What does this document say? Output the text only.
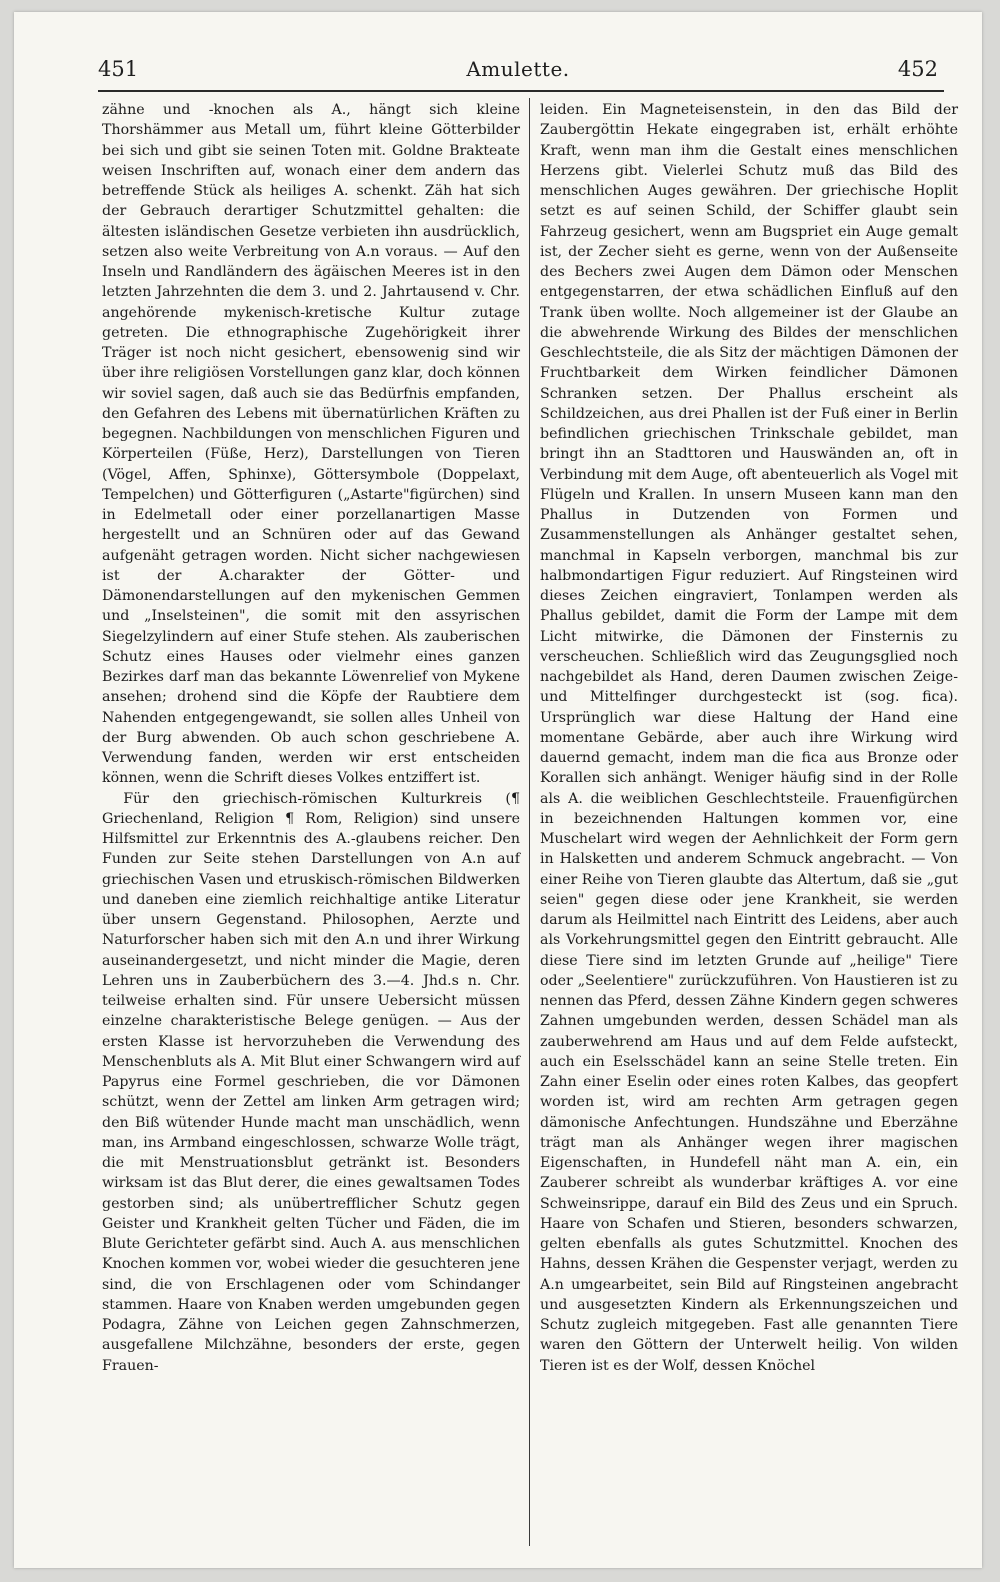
451	Amulette.	452

zähne und -knochen als A., hängt sich kleine Thorshämmer aus Metall um, führt kleine Götterbilder bei sich und gibt sie seinen Toten mit. Goldne Brakteate weisen Inschriften auf, wonach einer dem andern das betreffende Stück als heiliges A. schenkt. Zäh hat sich der Gebrauch derartiger Schutzmittel gehalten: die ältesten isländischen Gesetze verbieten ihn ausdrücklich, setzen also weite Verbreitung von A.n voraus. — Auf den Inseln und Randländern des ägäischen Meeres ist in den letzten Jahrzehnten die dem 3. und 2. Jahrtausend v. Chr. angehörende mykenisch-kretische Kultur zutage getreten. Die ethnographische Zugehörigkeit ihrer Träger ist noch nicht gesichert, ebensowenig sind wir über ihre religiösen Vorstellungen ganz klar, doch können wir soviel sagen, daß auch sie das Bedürfnis empfanden, den Gefahren des Lebens mit übernatürlichen Kräften zu begegnen. Nachbildungen von menschlichen Figuren und Körperteilen (Füße, Herz), Darstellungen von Tieren (Vögel, Affen, Sphinxe), Göttersymbole (Doppelaxt, Tempelchen) und Götterfiguren („Astarte"figürchen) sind in Edelmetall oder einer porzellanartigen Masse hergestellt und an Schnüren oder auf das Gewand aufgenäht getragen worden. Nicht sicher nachgewiesen ist der A.charakter der Götter- und Dämonendarstellungen auf den mykenischen Gemmen und „Inselsteinen", die somit mit den assyrischen Siegelzylindern auf einer Stufe stehen. Als zauberischen Schutz eines Hauses oder vielmehr eines ganzen Bezirkes darf man das bekannte Löwenrelief von Mykene ansehen; drohend sind die Köpfe der Raubtiere dem Nahenden entgegengewandt, sie sollen alles Unheil von der Burg abwenden. Ob auch schon geschriebene A. Verwendung fanden, werden wir erst entscheiden können, wenn die Schrift dieses Volkes entziffert ist.

Für den griechisch-römischen Kulturkreis (¶ Griechenland, Religion ¶ Rom, Religion) sind unsere Hilfsmittel zur Erkenntnis des A.-glaubens reicher. Den Funden zur Seite stehen Darstellungen von A.n auf griechischen Vasen und etruskisch-römischen Bildwerken und daneben eine ziemlich reichhaltige antike Literatur über unsern Gegenstand. Philosophen, Aerzte und Naturforscher haben sich mit den A.n und ihrer Wirkung auseinandergesetzt, und nicht minder die Magie, deren Lehren uns in Zauberbüchern des 3.—4. Jhd.s n. Chr. teilweise erhalten sind. Für unsere Uebersicht müssen einzelne charakteristische Belege genügen. — Aus der ersten Klasse ist hervorzuheben die Verwendung des Menschenbluts als A. Mit Blut einer Schwangern wird auf Papyrus eine Formel geschrieben, die vor Dämonen schützt, wenn der Zettel am linken Arm getragen wird; den Biß wütender Hunde macht man unschädlich, wenn man, ins Armband eingeschlossen, schwarze Wolle trägt, die mit Menstruationsblut getränkt ist. Besonders wirksam ist das Blut derer, die eines gewaltsamen Todes gestorben sind; als unübertrefflicher Schutz gegen Geister und Krankheit gelten Tücher und Fäden, die im Blute Gerichteter gefärbt sind. Auch A. aus menschlichen Knochen kommen vor, wobei wieder die gesuchteren jene sind, die von Erschlagenen oder vom Schindanger stammen. Haare von Knaben werden umgebunden gegen Podagra, Zähne von Leichen gegen Zahnschmerzen, ausgefallene Milchzähne, besonders der erste, gegen Frauen-

leiden. Ein Magneteisenstein, in den das Bild der Zaubergöttin Hekate eingegraben ist, erhält erhöhte Kraft, wenn man ihm die Gestalt eines menschlichen Herzens gibt. Vielerlei Schutz muß das Bild des menschlichen Auges gewähren. Der griechische Hoplit setzt es auf seinen Schild, der Schiffer glaubt sein Fahrzeug gesichert, wenn am Bugspriet ein Auge gemalt ist, der Zecher sieht es gerne, wenn von der Außenseite des Bechers zwei Augen dem Dämon oder Menschen entgegenstarren, der etwa schädlichen Einfluß auf den Trank üben wollte. Noch allgemeiner ist der Glaube an die abwehrende Wirkung des Bildes der menschlichen Geschlechtsteile, die als Sitz der mächtigen Dämonen der Fruchtbarkeit dem Wirken feindlicher Dämonen Schranken setzen. Der Phallus erscheint als Schildzeichen, aus drei Phallen ist der Fuß einer in Berlin befindlichen griechischen Trinkschale gebildet, man bringt ihn an Stadttoren und Hauswänden an, oft in Verbindung mit dem Auge, oft abenteuerlich als Vogel mit Flügeln und Krallen. In unsern Museen kann man den Phallus in Dutzenden von Formen und Zusammenstellungen als Anhänger gestaltet sehen, manchmal in Kapseln verborgen, manchmal bis zur halbmondartigen Figur reduziert. Auf Ringsteinen wird dieses Zeichen eingraviert, Tonlampen werden als Phallus gebildet, damit die Form der Lampe mit dem Licht mitwirke, die Dämonen der Finsternis zu verscheuchen. Schließlich wird das Zeugungsglied noch nachgebildet als Hand, deren Daumen zwischen Zeige- und Mittelfinger durchgesteckt ist (sog. fica). Ursprünglich war diese Haltung der Hand eine momentane Gebärde, aber auch ihre Wirkung wird dauernd gemacht, indem man die fica aus Bronze oder Korallen sich anhängt. Weniger häufig sind in der Rolle als A. die weiblichen Geschlechtsteile. Frauenfigürchen in bezeichnenden Haltungen kommen vor, eine Muschelart wird wegen der Aehnlichkeit der Form gern in Halsketten und anderem Schmuck angebracht. — Von einer Reihe von Tieren glaubte das Altertum, daß sie „gut seien" gegen diese oder jene Krankheit, sie werden darum als Heilmittel nach Eintritt des Leidens, aber auch als Vorkehrungsmittel gegen den Eintritt gebraucht. Alle diese Tiere sind im letzten Grunde auf „heilige" Tiere oder „Seelentiere" zurückzuführen. Von Haustieren ist zu nennen das Pferd, dessen Zähne Kindern gegen schweres Zahnen umgebunden werden, dessen Schädel man als zauberwehrend am Haus und auf dem Felde aufsteckt, auch ein Eselsschädel kann an seine Stelle treten. Ein Zahn einer Eselin oder eines roten Kalbes, das geopfert worden ist, wird am rechten Arm getragen gegen dämonische Anfechtungen. Hundszähne und Eberzähne trägt man als Anhänger wegen ihrer magischen Eigenschaften, in Hundefell näht man A. ein, ein Zauberer schreibt als wunderbar kräftiges A. vor eine Schweinsrippe, darauf ein Bild des Zeus und ein Spruch. Haare von Schafen und Stieren, besonders schwarzen, gelten ebenfalls als gutes Schutzmittel. Knochen des Hahns, dessen Krähen die Gespenster verjagt, werden zu A.n umgearbeitet, sein Bild auf Ringsteinen angebracht und ausgesetzten Kindern als Erkennungszeichen und Schutz zugleich mitgegeben. Fast alle genannten Tiere waren den Göttern der Unterwelt heilig. Von wilden Tieren ist es der Wolf, dessen Knöchel
